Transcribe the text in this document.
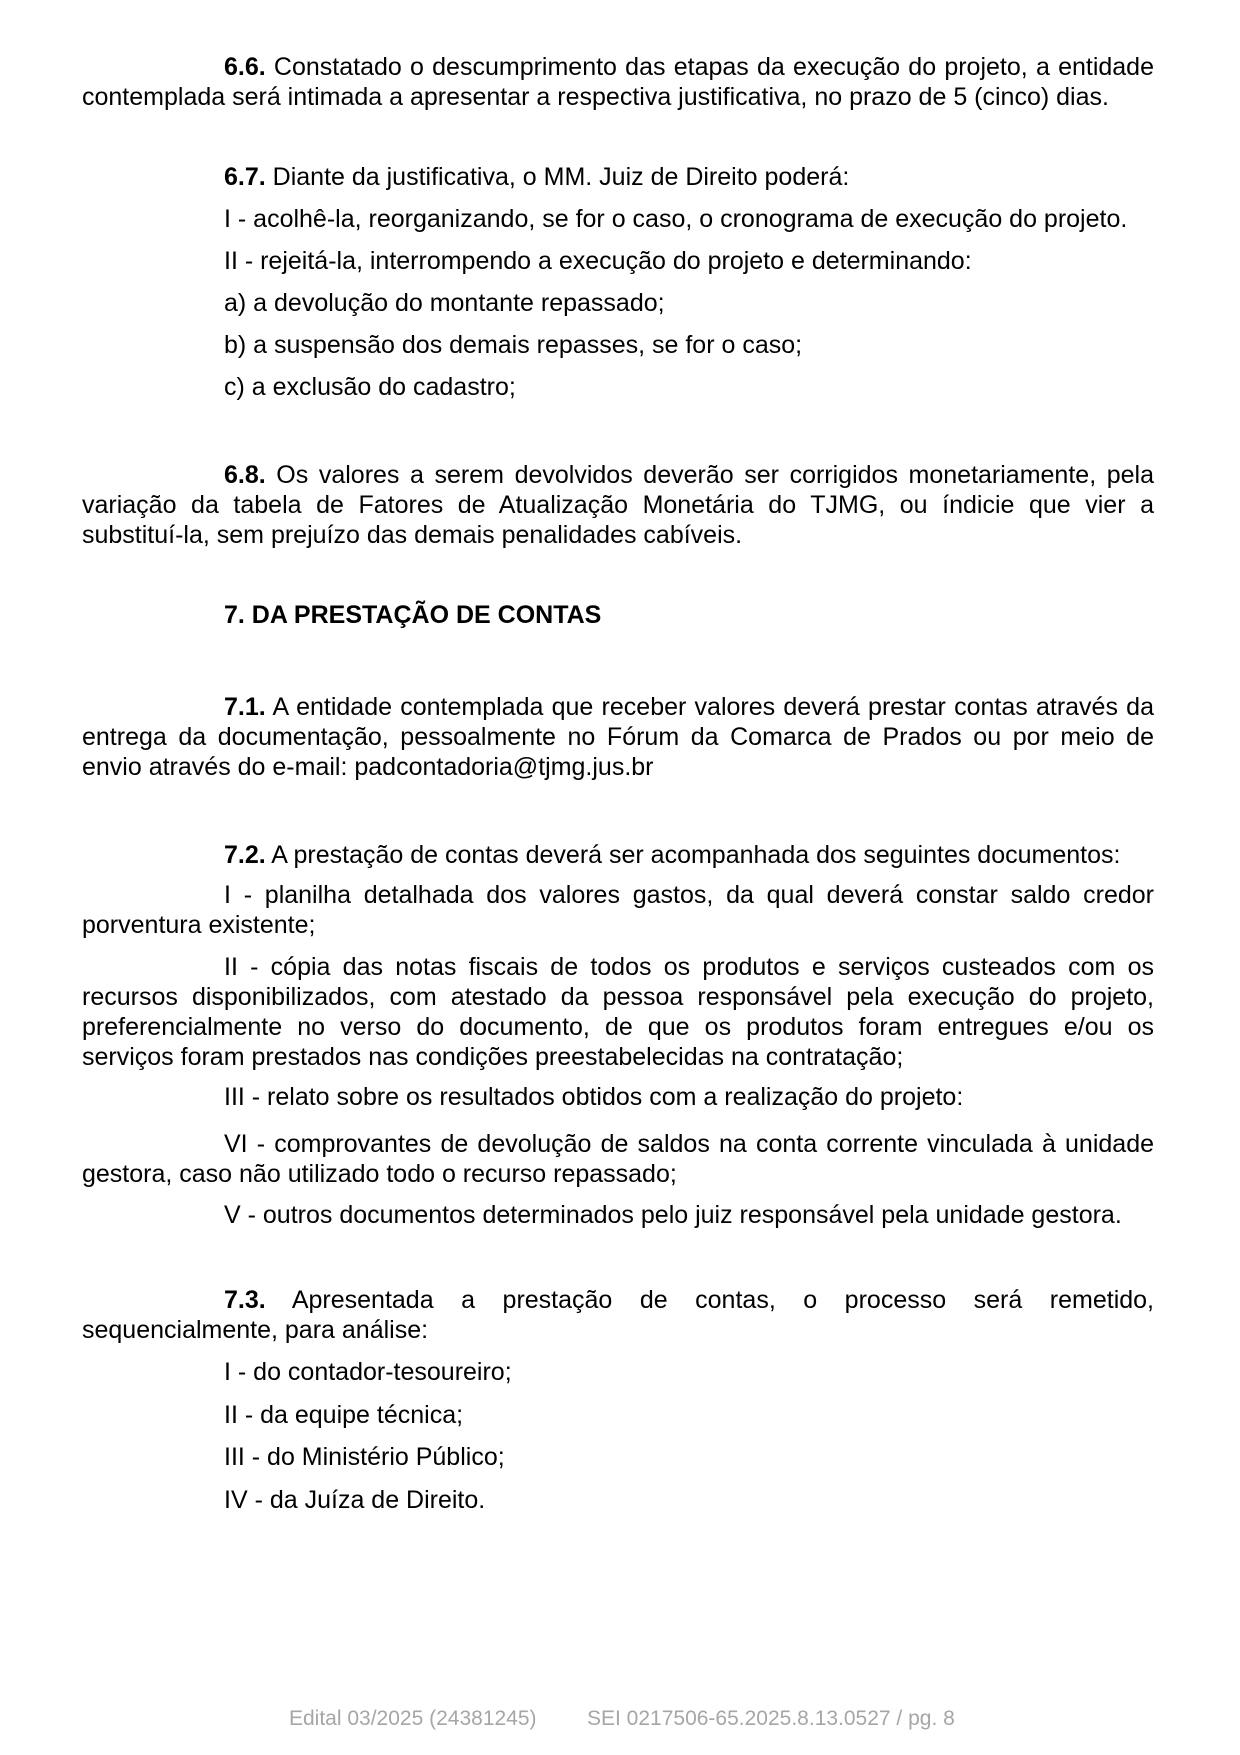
6.6. Constatado o descumprimento das etapas da execução do projeto, a entidade contemplada será intimada a apresentar a respectiva justificativa, no prazo de 5 (cinco) dias.

6.7. Diante da justificativa, o MM. Juiz de Direito poderá:

I - acolhê-la, reorganizando, se for o caso, o cronograma de execução do projeto.

II - rejeitá-la, interrompendo a execução do projeto e determinando:

a) a devolução do montante repassado;

b) a suspensão dos demais repasses, se for o caso;

c) a exclusão do cadastro;

6.8. Os valores a serem devolvidos deverão ser corrigidos monetariamente, pela variação da tabela de Fatores de Atualização Monetária do TJMG, ou índicie que vier a substituí-la, sem prejuízo das demais penalidades cabíveis.

7. DA PRESTAÇÃO DE CONTAS

7.1. A entidade contemplada que receber valores deverá prestar contas através da entrega da documentação, pessoalmente no Fórum da Comarca de Prados ou por meio de envio através do e-mail: padcontadoria@tjmg.jus.br

7.2. A prestação de contas deverá ser acompanhada dos seguintes documentos:

I - planilha detalhada dos valores gastos, da qual deverá constar saldo credor porventura existente;

II - cópia das notas fiscais de todos os produtos e serviços custeados com os recursos disponibilizados, com atestado da pessoa responsável pela execução do projeto, preferencialmente no verso do documento, de que os produtos foram entregues e/ou os serviços foram prestados nas condições preestabelecidas na contratação;

III - relato sobre os resultados obtidos com a realização do projeto:

VI - comprovantes de devolução de saldos na conta corrente vinculada à unidade gestora, caso não utilizado todo o recurso repassado;

V - outros documentos determinados pelo juiz responsável pela unidade gestora.

7.3. Apresentada a prestação de contas, o processo será remetido, sequencialmente, para análise:

I - do contador-tesoureiro;

II - da equipe técnica;

III - do Ministério Público;

IV - da Juíza de Direito.

Edital 03/2025 (24381245) SEI 0217506-65.2025.8.13.0527 / pg. 8
